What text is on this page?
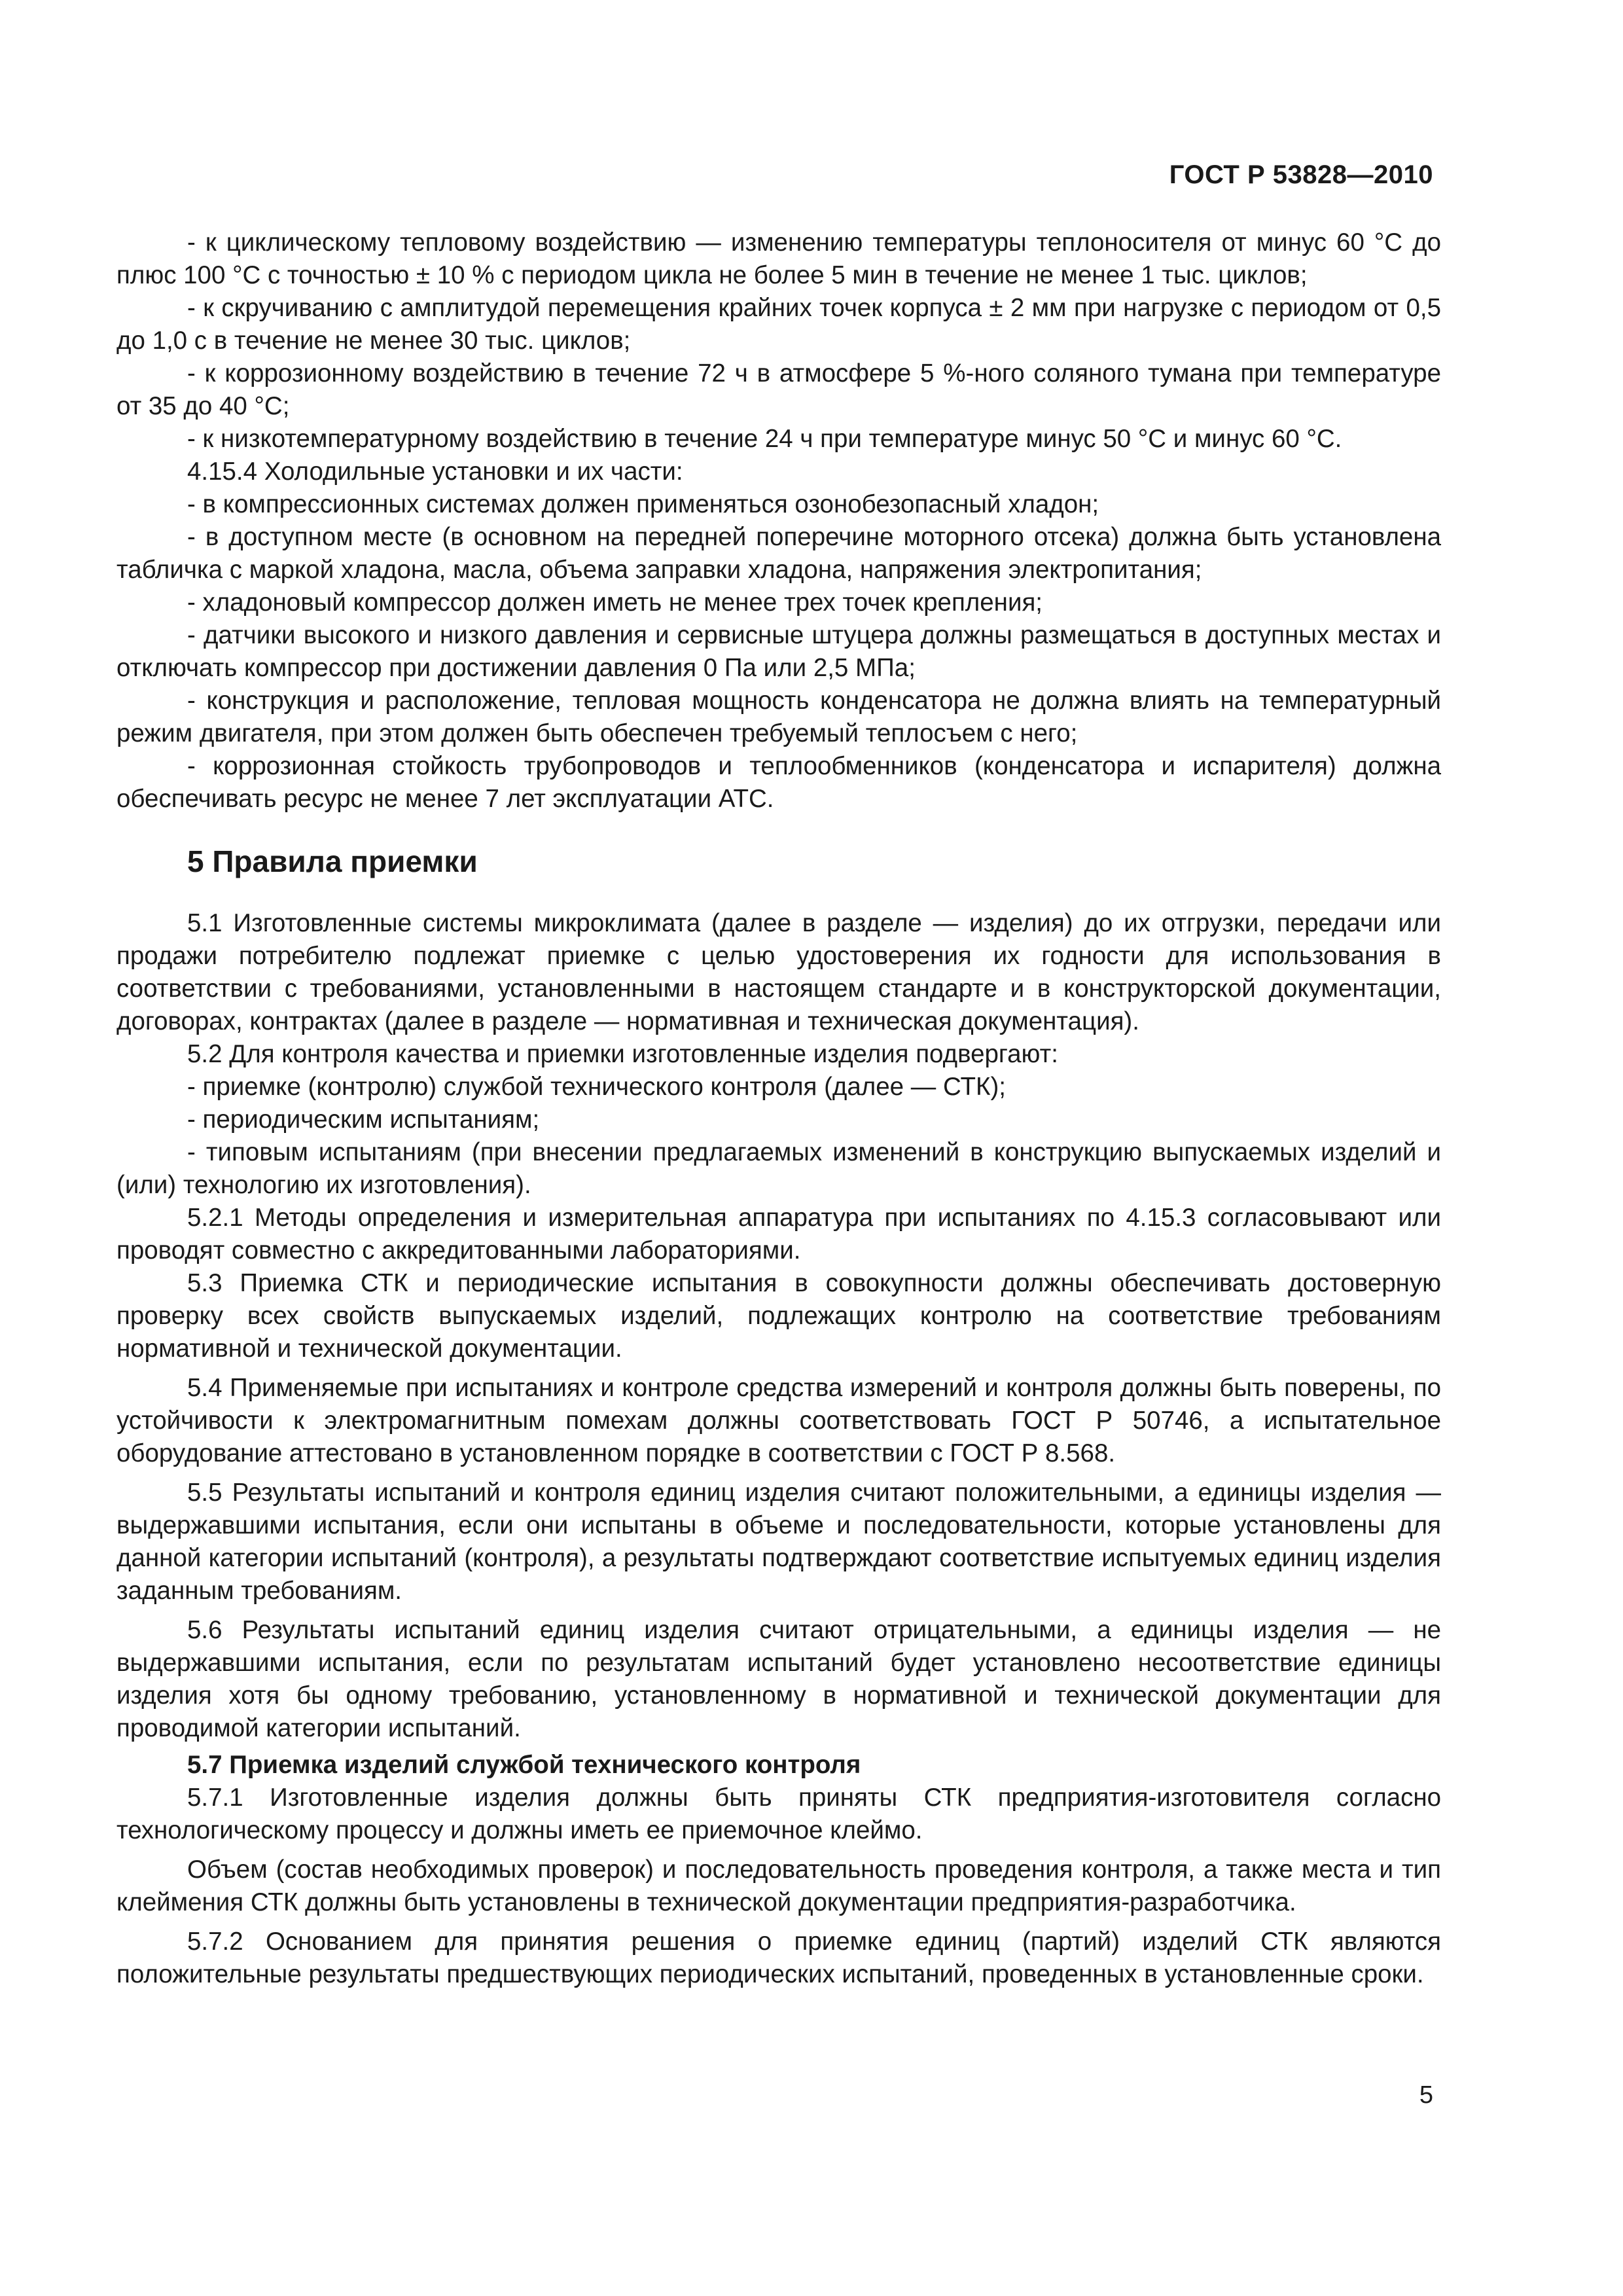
ГОСТ Р 53828—2010

- к циклическому тепловому воздействию — изменению температуры теплоносителя от минус 60 °С до плюс 100 °С с точностью ± 10 % с периодом цикла не более 5 мин в течение не менее 1 тыс. циклов;

- к скручиванию с амплитудой перемещения крайних точек корпуса ± 2 мм при нагрузке с периодом от 0,5 до 1,0 с в течение не менее 30 тыс. циклов;

- к коррозионному воздействию в течение 72 ч в атмосфере 5 %-ного соляного тумана при температуре от 35 до 40 °С;

- к низкотемпературному воздействию в течение 24 ч при температуре минус 50 °С и минус 60 °С.

4.15.4 Холодильные установки и их части:

- в компрессионных системах должен применяться озонобезопасный хладон;

- в доступном месте (в основном на передней поперечине моторного отсека) должна быть установлена табличка с маркой хладона, масла, объема заправки хладона, напряжения электропитания;

- хладоновый компрессор должен иметь не менее трех точек крепления;

- датчики высокого и низкого давления и сервисные штуцера должны размещаться в доступных местах и отключать компрессор при достижении давления 0 Па или 2,5 МПа;

- конструкция и расположение, тепловая мощность конденсатора не должна влиять на температурный режим двигателя, при этом должен быть обеспечен требуемый теплосъем с него;

- коррозионная стойкость трубопроводов и теплообменников (конденсатора и испарителя) должна обеспечивать ресурс не менее 7 лет эксплуатации АТС.

5 Правила приемки

5.1 Изготовленные системы микроклимата (далее в разделе — изделия) до их отгрузки, передачи или продажи потребителю подлежат приемке с целью удостоверения их годности для использования в соответствии с требованиями, установленными в настоящем стандарте и в конструкторской документации, договорах, контрактах (далее в разделе — нормативная и техническая документация).

5.2 Для контроля качества и приемки изготовленные изделия подвергают:

- приемке (контролю) службой технического контроля (далее — СТК);

- периодическим испытаниям;

- типовым испытаниям (при внесении предлагаемых изменений в конструкцию выпускаемых изделий и (или) технологию их изготовления).

5.2.1 Методы определения и измерительная аппаратура при испытаниях по 4.15.3 согласовывают или проводят совместно с аккредитованными лабораториями.

5.3 Приемка СТК и периодические испытания в совокупности должны обеспечивать достоверную проверку всех свойств выпускаемых изделий, подлежащих контролю на соответствие требованиям нормативной и технической документации.

5.4 Применяемые при испытаниях и контроле средства измерений и контроля должны быть поверены, по устойчивости к электромагнитным помехам должны соответствовать ГОСТ Р 50746, а испытательное оборудование аттестовано в установленном порядке в соответствии с ГОСТ Р 8.568.

5.5 Результаты испытаний и контроля единиц изделия считают положительными, а единицы изделия — выдержавшими испытания, если они испытаны в объеме и последовательности, которые установлены для данной категории испытаний (контроля), а результаты подтверждают соответствие испытуемых единиц изделия заданным требованиям.

5.6 Результаты испытаний единиц изделия считают отрицательными, а единицы изделия — не выдержавшими испытания, если по результатам испытаний будет установлено несоответствие единицы изделия хотя бы одному требованию, установленному в нормативной и технической документации для проводимой категории испытаний.

5.7 Приемка изделий службой технического контроля

5.7.1 Изготовленные изделия должны быть приняты СТК предприятия-изготовителя согласно технологическому процессу и должны иметь ее приемочное клеймо.

Объем (состав необходимых проверок) и последовательность проведения контроля, а также места и тип клеймения СТК должны быть установлены в технической документации предприятия-разработчика.

5.7.2 Основанием для принятия решения о приемке единиц (партий) изделий СТК являются положительные результаты предшествующих периодических испытаний, проведенных в установленные сроки.

5
